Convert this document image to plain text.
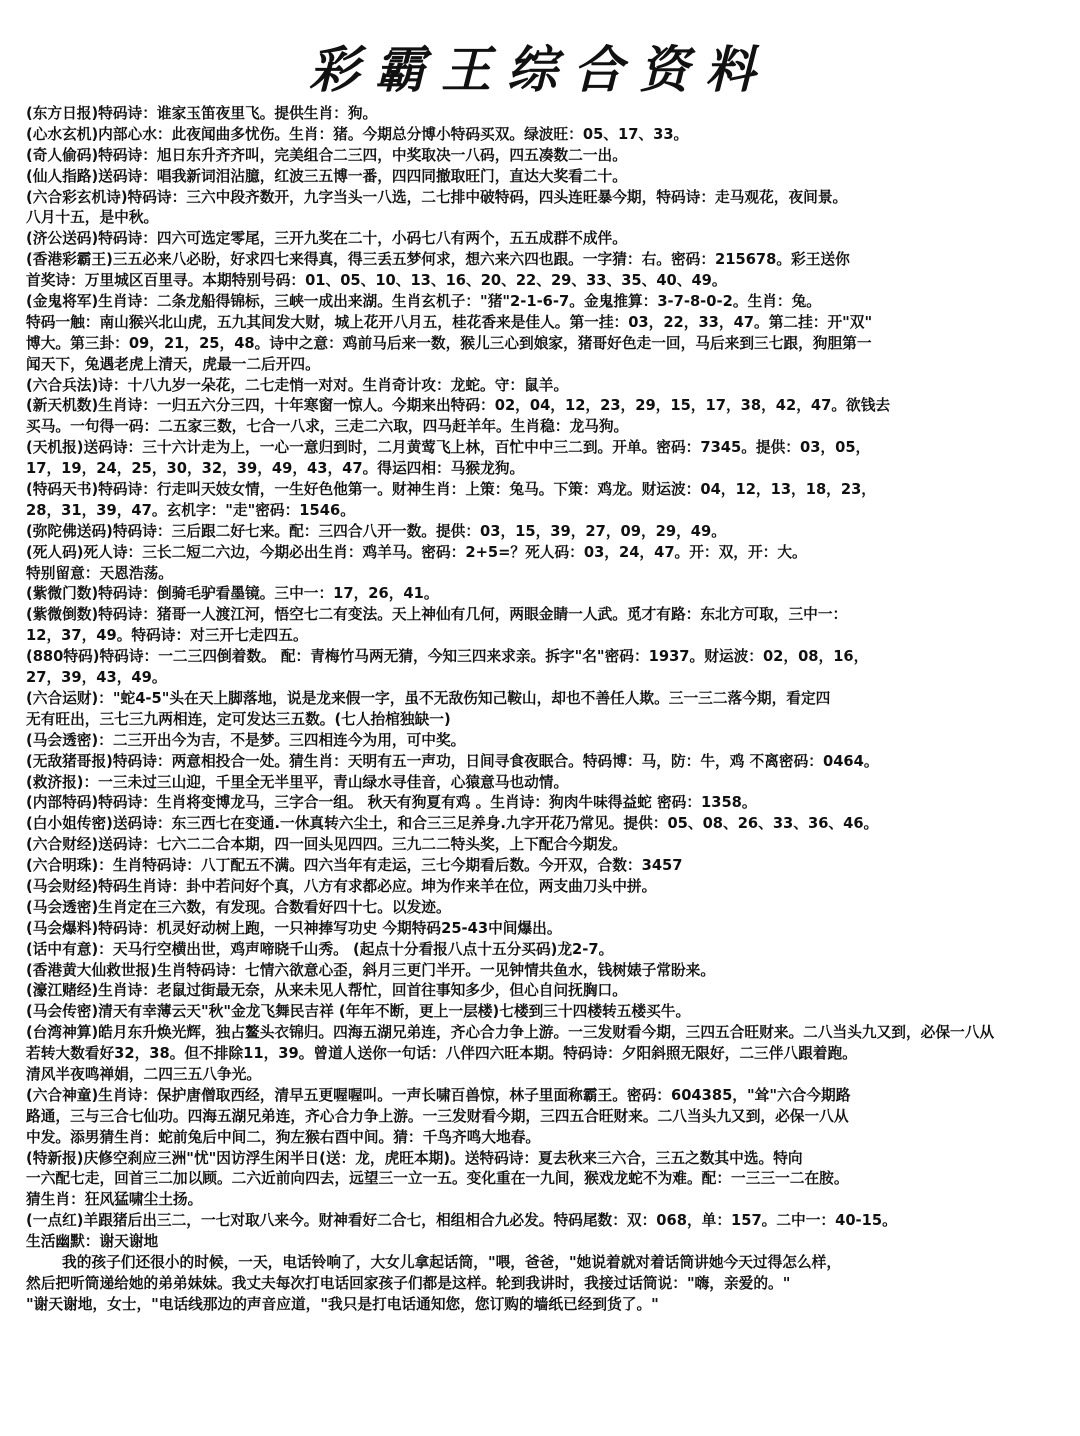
彩霸王综合资料
(东方日报)特码诗：谁家玉笛夜里飞。提供生肖：狗。
(心水玄机)内部心水：此夜闻曲多忧伤。生肖：猪。今期总分博小特码买双。绿波旺：05、17、33。
(奇人偷码)特码诗：旭日东升齐齐叫，完美组合二三四，中奖取决一八码，四五凑数二一出。
(仙人指路)送码诗：唱我新词泪沾臆，红波三五博一番，四四同撤取旺门，直达大奖看二十。
(六合彩玄机诗)特码诗：三六中段齐数开，九字当头一八选，二七排中破特码，四头连旺暴今期，特码诗：走马观花，夜间景。
八月十五，是中秋。
(济公送码)特码诗：四六可选定零尾，三开九奖在二十，小码七八有两个，五五成群不成伴。
(香港彩霸王)三五必来八必盼，好求四七来得真，得三丢五梦何求，想六来六四也跟。一字猜：右。密码：215678。彩王送你
首奖诗：万里城区百里寻。本期特别号码：01、05、10、13、16、20、22、29、33、35、40、49。
(金鬼将军)生肖诗：二条龙船得锦标，三峡一成出来湖。生肖玄机子："猪"2-1-6-7。金鬼推算：3-7-8-0-2。生肖：兔。
特码一触：南山猴兴北山虎，五九其间发大财，城上花开八月五，桂花香来是佳人。第一挂：03，22，33，47。第二挂：开"双"
博大。第三卦：09，21，25，48。诗中之意：鸡前马后来一数，猴儿三心到娘家，猪哥好色走一回，马后来到三七跟，狗胆第一
闻天下，兔遇老虎上清天，虎最一二后开四。
(六合兵法)诗：十八九岁一朵花，二七走悄一对对。生肖奇计攻：龙蛇。守：鼠羊。
(新天机数)生肖诗：一归五六分三四，十年寒窗一惊人。今期来出特码：02，04，12，23，29，15，17，38，42，47。欲钱去
买马。一句得一码：二五家三数，七合一八求，三走二六取，四马赶羊年。生肖稳：龙马狗。
(天机报)送码诗：三十六计走为上，一心一意归到时，二月黄莺飞上林，百忙中中三二到。开单。密码：7345。提供：03，05，
17，19，24，25，30，32，39，49，43，47。得运四相：马猴龙狗。
(特码天书)特码诗：行走叫天妓女情，一生好色他第一。财神生肖：上策：兔马。下策：鸡龙。财运波：04，12，13，18，23，
28，31，39，47。玄机字："走"密码：1546。
(弥陀佛送码)特码诗：三后跟二好七来。配：三四合八开一数。提供：03，15，39，27，09，29，49。
(死人码)死人诗：三长二短二六边，今期必出生肖：鸡羊马。密码：2+5=？死人码：03，24，47。开：双，开：大。
特别留意：天恩浩荡。
(紫微门数)特码诗：倒骑毛驴看墨镜。三中一：17，26，41。
(紫微倒数)特码诗：猪哥一人渡江河，悟空七二有变法。天上神仙有几何，两眼金睛一人武。觅才有路：东北方可取，三中一：
12，37，49。特码诗：对三开七走四五。
(880特码)特码诗：一二三四倒着数。 配：青梅竹马两无猜，今知三四来求亲。拆字"名"密码：1937。财运波：02，08，16，
27，39，43，49。
(六合运财)："蛇4-5"头在天上脚落地，说是龙来假一字，虽不无敌伤知己鞍山，却也不善任人欺。三一三二落今期，看定四
无有旺出，三七三九两相连，定可发达三五数。(七人抬棺独缺一)
(马会透密)：二三开出今为吉，不是梦。三四相连今为用，可中奖。
(无敌猪哥报)特码诗：两意相投合一处。猜生肖：天明有五一声功，日间寻食夜眠合。特码博：马，防：牛，鸡 不离密码：0464。
(救济报)：一三未过三山迎，千里全无半里平，青山绿水寻佳音，心猿意马也动情。
(内部特码)特码诗：生肖将变博龙马，三字合一组。 秋天有狗夏有鸡 。生肖诗：狗肉牛味得益蛇 密码：1358。
(白小姐传密)送码诗：东三西七在变通.一休真转六尘土，和合三三足养身.九字开花乃常见。提供：05、08、26、33、36、46。
(六合财经)送码诗：七六二二合本期，四一回头见四四。三九二二特头奖，上下配合今期发。
(六合明珠)：生肖特码诗：八丁配五不满。四六当年有走运，三七今期看后数。今开双，合数：3457
(马会财经)特码生肖诗：卦中若问好个真，八方有求都必应。坤为作来羊在位，两支曲刀头中拼。
(马会透密)生肖定在三六数，有发现。合数看好四十七。以发迹。
(马会爆料)特码诗：机灵好动树上跑，一只神捧写功史 今期特码25-43中间爆出。
(话中有意)：天马行空横出世，鸡声啼晓千山秀。 (起点十分看报八点十五分买码)龙2-7。
(香港黄大仙救世报)生肖特码诗：七情六欲意心歪，斜月三更门半开。一见钟情共鱼水，钱树婊子常盼来。
(濠江赌经)生肖诗：老鼠过街最无奈，从来未见人帮忙，回首往事知多少，但心自问抚胸口。
(马会传密)清天有幸薄云天"秋"金龙飞舞民吉祥 (年年不断，更上一层楼)七楼到三十四楼转五楼买牛。
(台湾神算)皓月东升焕光辉，独占鳌头衣锦归。四海五湖兄弟连，齐心合力争上游。一三发财看今期，三四五合旺财来。二八当头九又到，必保一八从
若转大数看好32，38。但不排除11，39。曾道人送你一句话：八伴四六旺本期。特码诗：夕阳斜照无限好，二三伴八跟着跑。
清风半夜鸣禅娟，二四三五八争光。
(六合神童)生肖诗：保护唐僧取西经，清早五更喔喔叫。一声长啸百兽惊，林子里面称霸王。密码：604385，"耸"六合今期路
路通，三与三合七仙功。四海五湖兄弟连，齐心合力争上游。一三发财看今期，三四五合旺财来。二八当头九又到，必保一八从
中发。添男猜生肖：蛇前兔后中间二，狗左猴右酉中间。猜：千鸟齐鸣大地春。
(特新报)庆修空刹应三洲"忧"因访浮生闲半日(送：龙，虎旺本期)。送特码诗：夏去秋来三六合，三五之数其中选。特向
一六配七走，回首三二加以顾。二六近前向四去，远望三一立一五。变化重在一九间，猴戏龙蛇不为难。配：一三三一二在胺。
猜生肖：狂风猛啸尘土扬。
(一点红)羊跟猪后出三二，一七对取八来今。财神看好二合七，相组相合九必发。特码尾数：双：068，单：157。二中一：40-15。
生活幽默：谢天谢地
我的孩子们还很小的时候，一天，电话铃响了，大女儿拿起话筒，"喂，爸爸，"她说着就对着话筒讲她今天过得怎么样，
然后把听筒递给她的弟弟妹妹。我丈夫每次打电话回家孩子们都是这样。轮到我讲时，我接过话筒说："嗨，亲爱的。"
"谢天谢地，女士，"电话线那边的声音应道，"我只是打电话通知您，您订购的墙纸已经到货了。"
